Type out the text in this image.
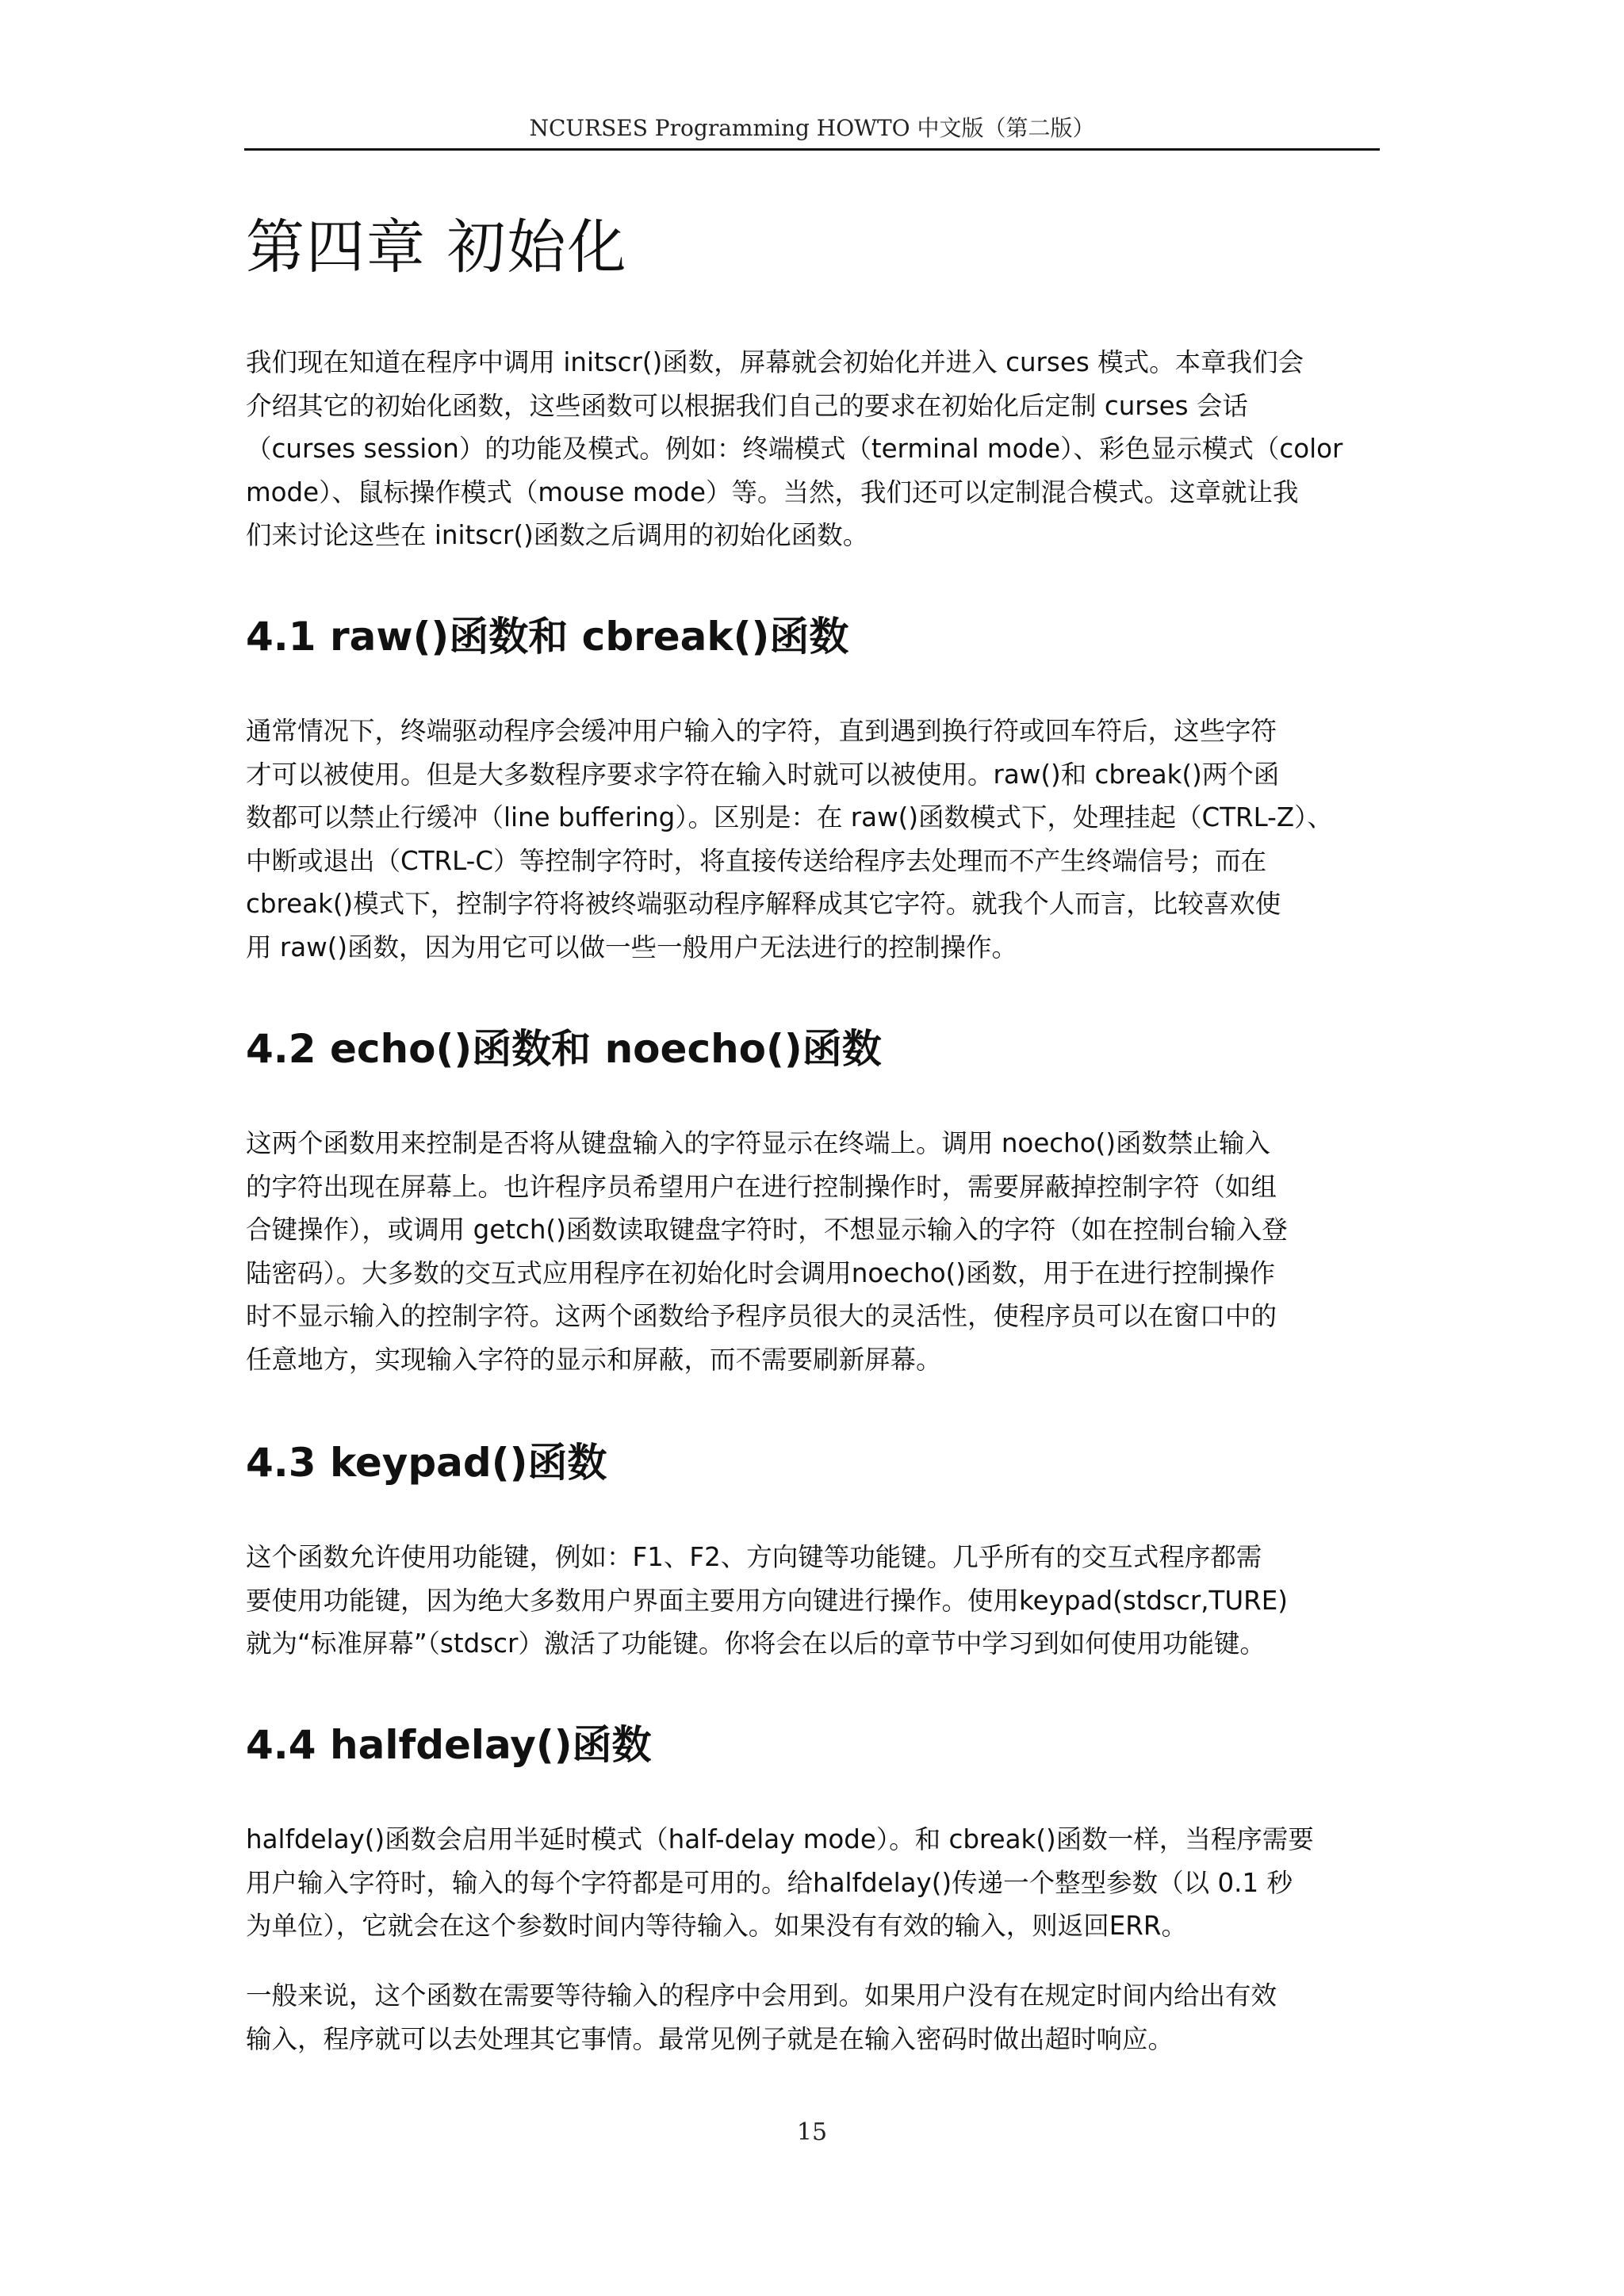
NCURSES Programming HOWTO 中文版（第二版）
第四章 初始化
我们现在知道在程序中调用 initscr()函数，屏幕就会初始化并进入 curses 模式。本章我们会
介绍其它的初始化函数，这些函数可以根据我们自己的要求在初始化后定制 curses 会话
（curses session）的功能及模式。例如：终端模式（terminal mode）、彩色显示模式（color
mode）、鼠标操作模式（mouse mode）等。当然，我们还可以定制混合模式。这章就让我
们来讨论这些在 initscr()函数之后调用的初始化函数。
4.1 raw()函数和 cbreak()函数
通常情况下，终端驱动程序会缓冲用户输入的字符，直到遇到换行符或回车符后，这些字符
才可以被使用。但是大多数程序要求字符在输入时就可以被使用。raw()和 cbreak()两个函
数都可以禁止行缓冲（line buffering）。区别是：在 raw()函数模式下，处理挂起（CTRL-Z）、
中断或退出（CTRL-C）等控制字符时，将直接传送给程序去处理而不产生终端信号；而在
cbreak()模式下，控制字符将被终端驱动程序解释成其它字符。就我个人而言，比较喜欢使
用 raw()函数，因为用它可以做一些一般用户无法进行的控制操作。
4.2 echo()函数和 noecho()函数
这两个函数用来控制是否将从键盘输入的字符显示在终端上。调用 noecho()函数禁止输入
的字符出现在屏幕上。也许程序员希望用户在进行控制操作时，需要屏蔽掉控制字符（如组
合键操作），或调用 getch()函数读取键盘字符时，不想显示输入的字符（如在控制台输入登
陆密码）。大多数的交互式应用程序在初始化时会调用noecho()函数，用于在进行控制操作
时不显示输入的控制字符。这两个函数给予程序员很大的灵活性，使程序员可以在窗口中的
任意地方，实现输入字符的显示和屏蔽，而不需要刷新屏幕。
4.3 keypad()函数
这个函数允许使用功能键，例如：F1、F2、方向键等功能键。几乎所有的交互式程序都需
要使用功能键，因为绝大多数用户界面主要用方向键进行操作。使用keypad(stdscr,TURE)
就为“标准屏幕”（stdscr）激活了功能键。你将会在以后的章节中学习到如何使用功能键。
4.4 halfdelay()函数
halfdelay()函数会启用半延时模式（half-delay mode）。和 cbreak()函数一样，当程序需要
用户输入字符时，输入的每个字符都是可用的。给halfdelay()传递一个整型参数（以 0.1 秒
为单位），它就会在这个参数时间内等待输入。如果没有有效的输入，则返回ERR。
一般来说，这个函数在需要等待输入的程序中会用到。如果用户没有在规定时间内给出有效
输入，程序就可以去处理其它事情。最常见例子就是在输入密码时做出超时响应。
15
